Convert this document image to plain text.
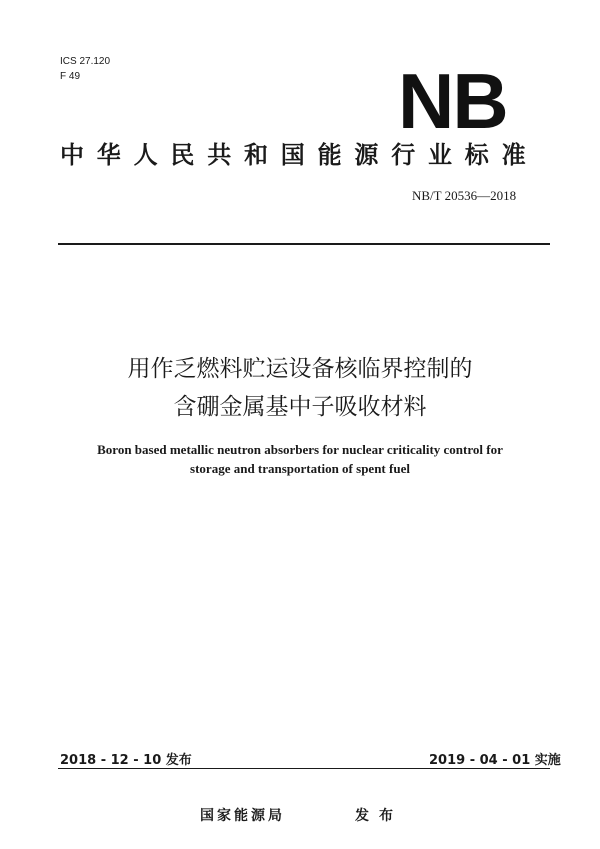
ICS 27.120
F 49	NB
中华人民共和国能源行业标准
NB/T 20536—2018
用作乏燃料贮运设备核临界控制的
含硼金属基中子吸收材料
Boron based metallic neutron absorbers for nuclear criticality control for
storage and transportation of spent fuel
2018 - 12 - 10 发布	2019 - 04 - 01 实施
国家能源局	发布
